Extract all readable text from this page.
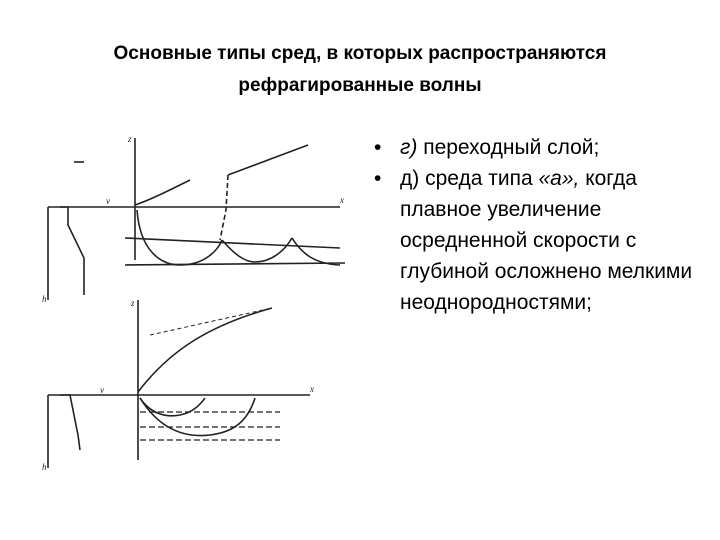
Основные типы сред, в которых распространяются
рефрагированные волны
z
x
v
h	z
x
v
h
• г) переходный слой;
• д) среда типа «а», когда плавное увеличение осредненной скорости с глубиной осложнено мелкими неоднородностями;
